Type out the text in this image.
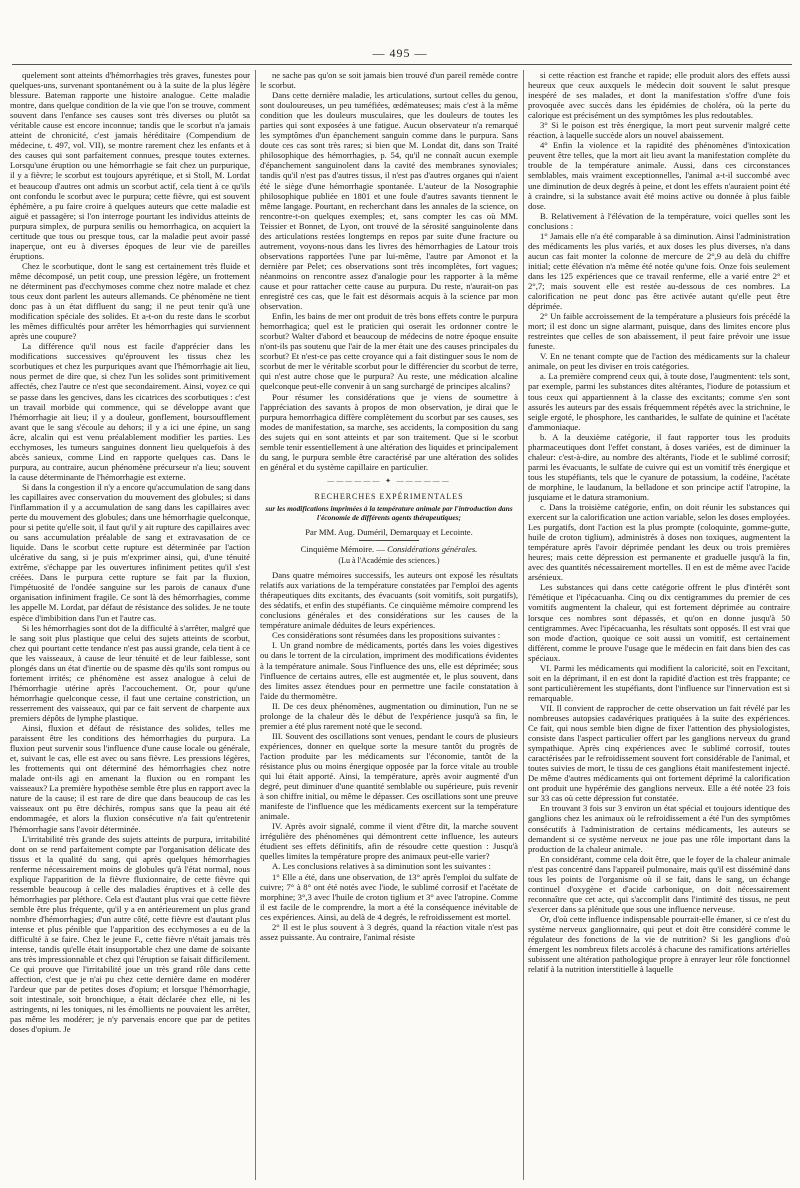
— 495 —

quelement sont atteints d'hémorrhagies très graves, funestes pour quelques-uns, survenant spontanément ou à la suite de la plus légère blessure. Bateman rapporte une histoire analogue. Cette maladie montre, dans quelque condition de la vie que l'on se trouve, comment souvent dans l'enfance ses causes sont très diverses ou plutôt sa véritable cause est encore inconnue; tandis que le scorbut n'a jamais atteint de chronicité, c'est jamais héréditaire (Compendium de médecine, t. 497, vol. VII), se montre rarement chez les enfants et à des causes qui sont parfaitement connues, presque toutes externes. Lorsqu'une éruption ou une hémorrhagie se fait chez un purpurique, il y a fièvre; le scorbut est toujours apyrétique, et si Stoll, M. Lordat et beaucoup d'autres ont admis un scorbut actif, cela tient à ce qu'ils ont confondu le scorbut avec le purpura; cette fièvre, qui est souvent éphémère, a pu faire croire à quelques auteurs que cette maladie est aiguë et passagère; si l'on interroge pourtant les individus atteints de purpura simplex, de purpura senilis ou hemorrhagica, on acquiert la certitude que tous ou presque tous, car la maladie peut avoir passé inaperçue, ont eu à diverses époques de leur vie de pareilles éruptions.

Chez le scorbutique, dont le sang est certainement très fluide et même décomposé, un petit coup, une pression légère, un frottement ne déterminent pas d'ecchymoses comme chez notre malade et chez tous ceux dont parlent les auteurs allemands. Ce phénomène ne tient donc pas à un état diffluent du sang; il ne peut tenir qu'à une modification spéciale des solides. Et a-t-on du reste dans le scorbut les mêmes difficultés pour arrêter les hémorrhagies qui surviennent après une coupure?

La différence qu'il nous est facile d'apprécier dans les modifications successives qu'éprouvent les tissus chez les scorbutiques et chez les purpuriques avant que l'hémorrhagie ait lieu, nous permet de dire que, si chez l'un les solides sont primitivement affectés, chez l'autre ce n'est que secondairement. Ainsi, voyez ce qui se passe dans les gencives, dans les cicatrices des scorbutiques : c'est un travail morbide qui commence, qui se développe avant que l'hémorrhagie ait lieu; il y a douleur, gonflement, boursoufflement avant que le sang s'écoule au dehors; il y a ici une épine, un sang âcre, alcalin qui est venu préalablement modifier les parties. Les ecchymoses, les tumeurs sanguines donnent lieu quelquefois à des abcès sanieux, comme Lind en rapporte quelques cas. Dans le purpura, au contraire, aucun phénomène précurseur n'a lieu; souvent la cause déterminante de l'hémorrhagie est externe.

Si dans la congestion il n'y a encore qu'accumulation de sang dans les capillaires avec conservation du mouvement des globules; si dans l'inflammation il y a accumulation de sang dans les capillaires avec perte du mouvement des globules; dans une hémorrhagie quelconque, pour si petite qu'elle soit, il faut qu'il y ait rupture des capillaires avec ou sans accumulation préalable de sang et extravasation de ce liquide. Dans le scorbut cette rupture est déterminée par l'action ulcérative du sang, si je puis m'exprimer ainsi, qui, d'une ténuité extrême, s'échappe par les ouvertures infiniment petites qu'il s'est créées. Dans le purpura cette rupture se fait par la fluxion, l'impétuosité de l'ondée sanguine sur les parois de canaux d'une organisation infiniment fragile. Ce sont là des hémorrhagies, comme les appelle M. Lordat, par défaut de résistance des solides. Je ne toute espèce d'imbibition dans l'un et l'autre cas.

Si les hémorrhagies sont dot de la difficulté à s'arrêter, malgré que le sang soit plus plastique que celui des sujets atteints de scorbut, chez qui pourtant cette tendance n'est pas aussi grande, cela tient à ce que les vaisseaux, à cause de leur ténuité et de leur faiblesse, sont plongés dans un état d'inertie ou de spasme dès qu'ils sont rompus ou fortement irrités; ce phénomène est assez analogue à celui de l'hémorrhagie utérine après l'accouchement. Or, pour qu'une hémorrhagie quelconque cesse, il faut une certaine constriction, un resserrement des vaisseaux, qui par ce fait servent de charpente aux premiers dépôts de lymphe plastique.

Ainsi, fluxion et défaut de résistance des solides, telles me paraissent être les conditions des hémorrhagies du purpura. La fluxion peut survenir sous l'influence d'une cause locale ou générale, et, suivant le cas, elle est avec ou sans fièvre. Les pressions légères, les frottements qui ont déterminé des hémorrhagies chez notre malade ont-ils agi en amenant la fluxion ou en rompant les vaisseaux? La première hypothèse semble être plus en rapport avec la nature de la cause; il est rare de dire que dans beaucoup de cas les vaisseaux ont pu être déchirés, rompus sans que la peau ait été endommagée, et alors la fluxion consécutive n'a fait qu'entretenir l'hémorrhagie sans l'avoir déterminée.

L'irritabilité très grande des sujets atteints de purpura, irritabilité dont on se rend parfaitement compte par l'organisation délicate des tissus et la qualité du sang, qui après quelques hémorrhagies renferme nécessairement moins de globules qu'à l'état normal, nous explique l'apparition de la fièvre fluxionnaire, de cette fièvre qui ressemble beaucoup à celle des maladies éruptives et à celle des hémorrhagies par pléthore. Cela est d'autant plus vrai que cette fièvre semble être plus fréquente, qu'il y a en antérieurement un plus grand nombre d'hémorrhagies; d'un autre côté, cette fièvre est d'autant plus intense et plus pénible que l'apparition des ecchymoses a eu de la difficulté à se faire. Chez le jeune F., cette fièvre n'était jamais très intense, tandis qu'elle était insupportable chez une dame de soixante ans très impressionnable et chez qui l'éruption se faisait difficilement. Ce qui prouve que l'irritabilité joue un très grand rôle dans cette affection, c'est que je n'ai pu chez cette dernière dame en modérer l'ardeur que par de petites doses d'opium; et lorsque l'hémorrhagie, soit intestinale, soit bronchique, a était déclarée chez elle, ni les astringents, ni les toniques, ni les émollients ne pouvaient les arrêter, pas même les modérer; je n'y parvenais encore que par de petites doses d'opium. Je

ne sache pas qu'on se soit jamais bien trouvé d'un pareil remède contre le scorbut.

Dans cette dernière maladie, les articulations, surtout celles du genou, sont douloureuses, un peu tuméfiées, œdémateuses; mais c'est à la même condition que les douleurs musculaires, que les douleurs de toutes les parties qui sont exposées à une fatigue. Aucun observateur n'a remarqué les symptômes d'un épanchement sanguin comme dans le purpura. Sans doute ces cas sont très rares; si bien que M. Londat dit, dans son Traité philosophique des hémorrhagies, p. 54, qu'il ne connaît aucun exemple d'épanchement sanguinolent dans la cavité des membranes synoviales; tandis qu'il n'est pas d'autres tissus, il n'est pas d'autres organes qui n'aient été le siège d'une hémorrhagie spontanée. L'auteur de la Nosographie philosophique publiée en 1801 et une foule d'autres savants tiennent le même langage. Pourtant, en recherchant dans les annales de la science, on rencontre-t-on quelques exemples; et, sans compter les cas où MM. Teissier et Bonnet, de Lyon, ont trouvé de la sérosité sanguinolente dans des articulations restées longtemps en repos par suite d'une fracture ou autrement, voyons-nous dans les livres des hémorrhagies de Latour trois observations rapportées l'une par lui-même, l'autre par Amonot et la dernière par Pelet; ces observations sont très incomplètes, fort vagues; néanmoins on rencontre assez d'analogie pour les rapporter à la même cause et pour rattacher cette cause au purpura. Du reste, n'aurait-on pas enregistré ces cas, que le fait est désormais acquis à la science par mon observation.

Enfin, les bains de mer ont produit de très bons effets contre le purpura hemorrhagica; quel est le praticien qui oserait les ordonner contre le scorbut? Walter d'abord et beaucoup de médecins de notre époque ensuite n'ont-ils pas soutenu que l'air de la mer était une des causes principales du scorbut? Et n'est-ce pas cette croyance qui a fait distinguer sous le nom de scorbut de mer le véritable scorbut pour le différencier du scorbut de terre, qui n'est autre chose que le purpura? Au reste, une médication alcaline quelconque peut-elle convenir à un sang surchargé de principes alcalins?

Pour résumer les considérations que je viens de soumettre à l'appréciation des savants à propos de mon observation, je dirai que le purpura hemorrhagica diffère complètement du scorbut par ses causes, ses modes de manifestation, sa marche, ses accidents, la composition du sang des sujets qui en sont atteints et par son traitement. Que si le scorbut semble tenir essentiellement à une altération des liquides et principalement du sang, le purpura semble être caractérisé par une altération des solides en général et du système capillaire en particulier.

—————— ✦ ——————
RECHERCHES EXPÉRIMENTALES
sur les modifications imprimées à la température animale par l'introduction dans l'économie de différents agents thérapeutiques;
Par MM. Aug. Duméril, Demarquay et Lecointe.
Cinquième Mémoire. — Considérations générales.
(Lu à l'Académie des sciences.)

Dans quatre mémoires successifs, les auteurs ont exposé les résultats relatifs aux variations de la température constatées par l'emploi des agents thérapeutiques dits excitants, des évacuants (soit vomitifs, soit purgatifs), des sédatifs, et enfin des stupéfiants. Ce cinquième mémoire comprend les conclusions générales et des considérations sur les causes de la température animale déduites de leurs expériences.

Ces considérations sont résumées dans les propositions suivantes :

I. Un grand nombre de médicaments, portés dans les voies digestives ou dans le torrent de la circulation, impriment des modifications évidentes à la température animale. Sous l'influence des uns, elle est déprimée; sous l'influence de certains autres, elle est augmentée et, le plus souvent, dans des limites assez étendues pour en permettre une facile constatation à l'aide du thermomètre.

II. De ces deux phénomènes, augmentation ou diminution, l'un ne se prolonge de la chaleur dès le début de l'expérience jusqu'à sa fin, le premier a été plus rarement noté que le second.

III. Souvent des oscillations sont venues, pendant le cours de plusieurs expériences, donner en quelque sorte la mesure tantôt du progrès de l'action produite par les médicaments sur l'économie, tantôt de la résistance plus ou moins énergique opposée par la force vitale au trouble qui lui était apporté. Ainsi, la température, après avoir augmenté d'un degré, peut diminuer d'une quantité semblable ou supérieure, puis revenir à son chiffre initial, ou même le dépasser. Ces oscillations sont une preuve manifeste de l'influence que les médicaments exercent sur la température animale.

IV. Après avoir signalé, comme il vient d'être dit, la marche souvent irrégulière des phénomènes qui démontrent cette influence, les auteurs étudient ses effets définitifs, afin de résoudre cette question : Jusqu'à quelles limites la température propre des animaux peut-elle varier?

A. Les conclusions relatives à sa diminution sont les suivantes :

1° Elle a été, dans une observation, de 13° après l'emploi du sulfate de cuivre; 7° à 8° ont été notés avec l'iode, le sublimé corrosif et l'acétate de morphine; 3°,3 avec l'huile de croton tiglium et 3° avec l'atropine. Comme il est facile de le comprendre, la mort a été la conséquence inévitable de ces expériences. Ainsi, au delà de 4 degrés, le refroidissement est mortel.

2° Il est le plus souvent à 3 degrés, quand la réaction vitale n'est pas assez puissante. Au contraire, l'animal résiste

si cette réaction est franche et rapide; elle produit alors des effets aussi heureux que ceux auxquels le médecin doit souvent le salut presque inespéré de ses malades, et dont la manifestation s'offre d'une fois provoquée avec succès dans les épidémies de choléra, où la perte du calorique est précisément un des symptômes les plus redoutables.

3° Si le poison est très énergique, la mort peut survenir malgré cette réaction, à laquelle succède alors un nouvel abaissement.

4° Enfin la violence et la rapidité des phénomènes d'intoxication peuvent être telles, que la mort ait lieu avant la manifestation complète du trouble de la température animale. Aussi, dans ces circonstances semblables, mais vraiment exceptionnelles, l'animal a-t-il succombé avec une diminution de deux degrés à peine, et dont les effets n'auraient point été à craindre, si la substance avait été moins active ou donnée à plus faible dose.

B. Relativement à l'élévation de la température, voici quelles sont les conclusions :

1° Jamais elle n'a été comparable à sa diminution. Ainsi l'administration des médicaments les plus variés, et aux doses les plus diverses, n'a dans aucun cas fait monter la colonne de mercure de 2°,9 au delà du chiffre initial; cette élévation n'a même été notée qu'une fois. Onze fois seulement dans les 125 expériences que ce travail renferme, elle a varié entre 2° et 2°,7; mais souvent elle est restée au-dessous de ces nombres. La calorification ne peut donc pas être activée autant qu'elle peut être déprimée.

2° Un faible accroissement de la température a plusieurs fois précédé la mort; il est donc un signe alarmant, puisque, dans des limites encore plus restreintes que celles de son abaissement, il peut faire prévoir une issue funeste.

V. En ne tenant compte que de l'action des médicaments sur la chaleur animale, on peut les diviser en trois catégories.

a. La première comprend ceux qui, à toute dose, l'augmentent: tels sont, par exemple, parmi les substances dites altérantes, l'iodure de potassium et tous ceux qui appartiennent à la classe des excitants; comme s'en sont assurés les auteurs par des essais fréquemment répétés avec la strichnine, le seigle ergoté, le phosphore, les cantharides, le sulfate de quinine et l'acétate d'ammoniaque.

b. A la deuxième catégorie, il faut rapporter tous les produits pharmaceutiques dont l'effet constant, à doses variées, est de diminuer la chaleur: c'est-à-dire, au nombre des altérants, l'iode et le sublimé corrosif; parmi les évacuants, le sulfate de cuivre qui est un vomitif très énergique et tous les stupéfiants, tels que le cyanure de potassium, la codéine, l'acétate de morphine, le laudanum, la belladone et son principe actif l'atropine, la jusquiame et le datura stramonium.

c. Dans la troisième catégorie, enfin, on doit réunir les substances qui exercent sur la calorification une action variable, selon les doses employées. Les purgatifs, dont l'action est la plus prompte (coloquinte, gomme-gutte, huile de croton tiglium), administrés à doses non toxiques, augmentent la température après l'avoir déprimée pendant les deux ou trois premières heures; mais cette dépression est permanente et graduelle jusqu'à la fin, avec des quantités nécessairement mortelles. Il en est de même avec l'acide arsénieux.

Les substances qui dans cette catégorie offrent le plus d'intérêt sont l'émétique et l'ipécacuanha. Cinq ou dix centigrammes du premier de ces vomitifs augmentent la chaleur, qui est fortement déprimée au contraire lorsque ces nombres sont dépassés, et qu'on en donne jusqu'à 50 centigrammes. Avec l'ipécacuanha, les résultats sont opposés. Il est vrai que son mode d'action, quoique ce soit aussi un vomitif, est certainement différent, comme le prouve l'usage que le médecin en fait dans bien des cas spéciaux.

VI. Parmi les médicaments qui modifient la caloricité, soit en l'excitant, soit en la déprimant, il en est dont la rapidité d'action est très frappante; ce sont particulièrement les stupéfiants, dont l'influence sur l'innervation est si remarquable.

VII. Il convient de rapprocher de cette observation un fait révélé par les nombreuses autopsies cadavériques pratiquées à la suite des expériences. Ce fait, qui nous semble bien digne de fixer l'attention des physiologistes, consiste dans l'aspect particulier offert par les ganglions nerveux du grand sympathique. Après cinq expériences avec le sublimé corrosif, toutes caractérisées par le refroidissement souvent fort considérable de l'animal, et toutes suivies de mort, le tissu de ces ganglions était manifestement injecté. De même d'autres médicaments qui ont fortement déprimé la calorification ont produit une hypérémie des ganglions nerveux. Elle a été notée 23 fois sur 33 cas où cette dépression fut constatée.

En trouvant 3 fois sur 3 environ un état spécial et toujours identique des ganglions chez les animaux où le refroidissement a été l'un des symptômes consécutifs à l'administration de certains médicaments, les auteurs se demandent si ce système nerveux ne joue pas une rôle important dans la production de la chaleur animale.

En considérant, comme cela doit être, que le foyer de la chaleur animale n'est pas concentré dans l'appareil pulmonaire, mais qu'il est disséminé dans tous les points de l'organisme où il se fait, dans le sang, un échange continuel d'oxygène et d'acide carbonique, on doit nécessairement reconnaître que cet acte, qui s'accomplit dans l'intimité des tissus, ne peut s'exercer dans sa plénitude que sous une influence nerveuse.

Or, d'où cette influence indispensable pourrait-elle émaner, si ce n'est du système nerveux ganglionnaire, qui peut et doit être considéré comme le régulateur des fonctions de la vie de nutrition? Si les ganglions d'où émergent les nombreux filets accolés à chacune des ramifications artérielles subissent une altération pathologique propre à enrayer leur rôle fonctionnel relatif à la nutrition interstitielle à laquelle
